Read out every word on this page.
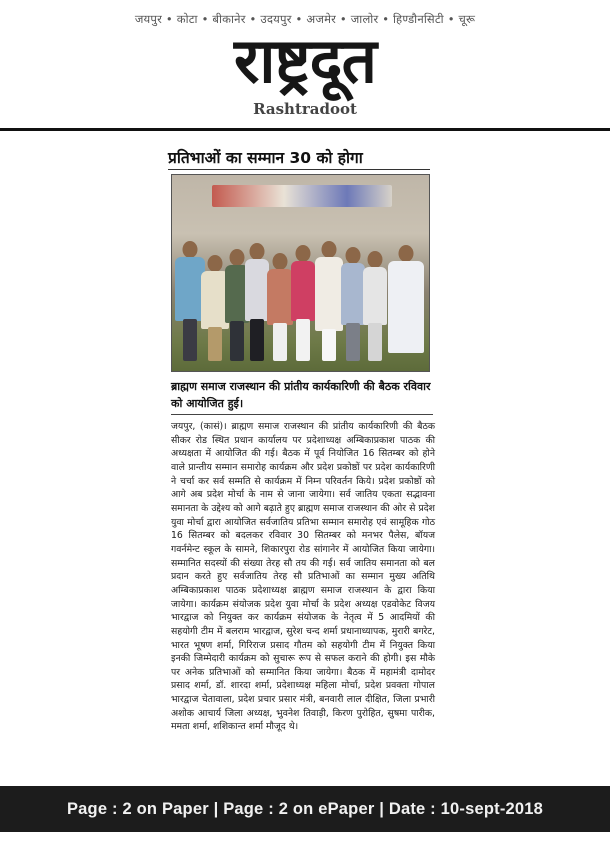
जयपुर • कोटा • बीकानेर • उदयपुर • अजमेर • जालोर • हिण्डौनसिटी • चूरू
राष्ट्रदूत
Rashtradoot
प्रतिभाओं का सम्मान 30 को होगा
ब्राह्मण समाज राजस्थान की प्रांतीय कार्यकारिणी की बैठक रविवार को आयोजित हुई।

जयपुर, (कासं)। ब्राह्मण समाज राजस्थान की प्रांतीय कार्यकारिणी की बैठक सीकर रोड स्थित प्रधान कार्यालय पर प्रदेशाध्यक्ष अम्बिकाप्रकाश पाठक की अध्यक्षता में आयोजित की गई। बैठक में पूर्व नियोजित 16 सितम्बर को होने वाले प्रान्तीय सम्मान समारोह कार्यक्रम और प्रदेश प्रकोष्ठों पर प्रदेश कार्यकारिणी ने चर्चा कर सर्व सम्मति से कार्यक्रम में निम्न परिवर्तन किये। प्रदेश प्रकोष्ठों को आगे अब प्रदेश मोर्चा के नाम से जाना जायेगा। सर्व जातिय एकता सद्भावना समानता के उद्देश्य को आगे बढ़ाते हुए ब्राह्मण समाज राजस्थान की ओर से प्रदेश युवा मोर्चा द्वारा आयोजित सर्वजातिय प्रतिभा सम्मान समारोह एवं सामूहिक गोठ 16 सितम्बर को बदलकर रविवार 30 सितम्बर को मनभर पैलेस, बॉयज गवर्नमेन्ट स्कूल के सामने, शिकारपुरा रोड सांगानेर में आयोजित किया जायेगा। सम्मानित सदस्यों की संख्या तेरह सौ तय की गई। सर्व जातिय समानता को बल प्रदान करते हुए सर्वजातिय तेरह सौ प्रतिभाओं का सम्मान मुख्य अतिथि अम्बिकाप्रकाश पाठक प्रदेशाध्यक्ष ब्राह्मण समाज राजस्थान के द्वारा किया जायेगा। कार्यक्रम संयोजक प्रदेश युवा मोर्चा के प्रदेश अध्यक्ष एडवोकेट विजय भारद्वाज को नियुक्त कर कार्यक्रम संयोजक के नेतृत्व में 5 आदमियों की सहयोगी टीम में बलराम भारद्वाज, सुरेश चन्द शर्मा प्रधानाध्यापक, मुरारी बगरेट, भारत भूषण शर्मा, गिरिराज प्रसाद गौतम को सहयोगी टीम में नियुक्त किया इनकी जिम्मेदारी कार्यक्रम को सुचारू रूप से सफल कराने की होगी। इस मौके पर अनेक प्रतिभाओं को सम्मानित किया जायेगा। बैठक में महामंत्री दामोदर प्रसाद शर्मा, डॉ. शारदा शर्मा, प्रदेशाध्यक्ष महिला मोर्चा, प्रदेश प्रवक्ता गोपाल भारद्वाज चेतावाला, प्रदेश प्रचार प्रसार मंत्री, बनवारी लाल दीक्षित, जिला प्रभारी अशोक आचार्य जिला अध्यक्ष, भुवनेश तिवाड़ी, किरण पुरोहित, सुषमा पारीक, ममता शर्मा, शशिकान्त शर्मा मौजूद थे।

Page : 2 on Paper | Page : 2 on ePaper | Date : 10-sept-2018
